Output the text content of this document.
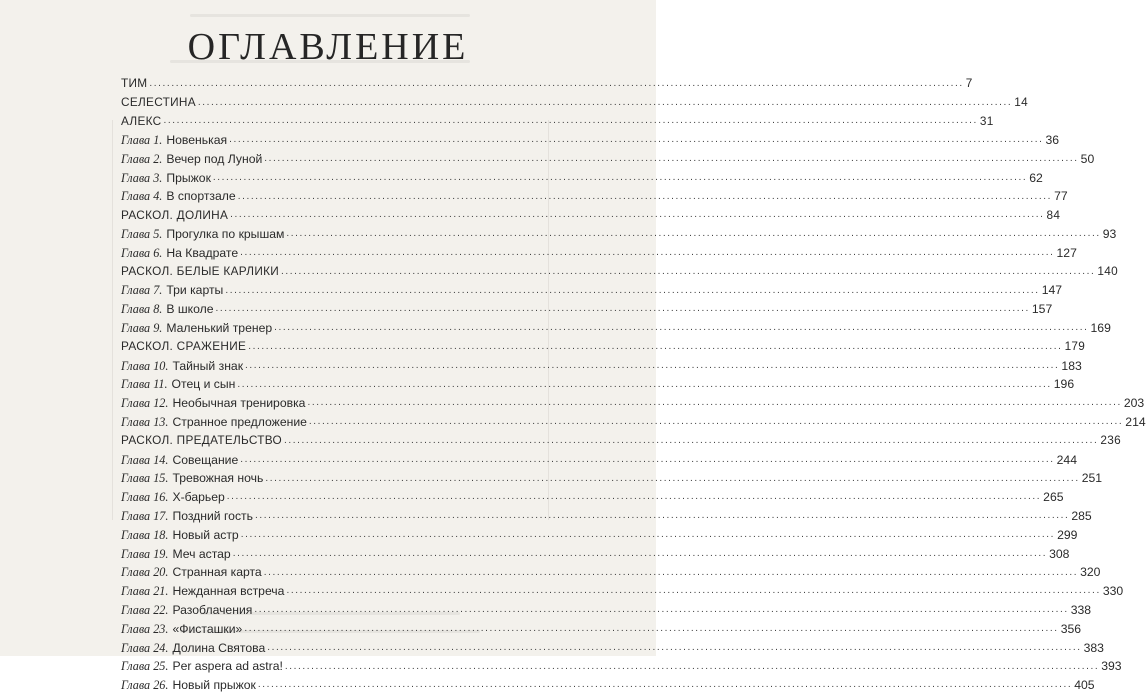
ОГЛАВЛЕНИЕ
ТИМ .....	7
СЕЛЕСТИНА .....	14
АЛЕКС .....	31
Глава 1. Новенькая .....	36
Глава 2. Вечер под Луной .....	50
Глава 3. Прыжок .....	62
Глава 4. В спортзале .....	77
РАСКОЛ. ДОЛИНА .....	84
Глава 5. Прогулка по крышам .....	93
Глава 6. На Квадрате .....	127
РАСКОЛ. БЕЛЫЕ КАРЛИКИ .....	140
Глава 7. Три карты .....	147
Глава 8. В школе .....	157
Глава 9. Маленький тренер .....	169
РАСКОЛ. СРАЖЕНИЕ .....	179
Глава 10. Тайный знак .....	183
Глава 11. Отец и сын .....	196
Глава 12. Необычная тренировка .....	203
Глава 13. Странное предложение .....	214
РАСКОЛ. ПРЕДАТЕЛЬСТВО .....	236
Глава 14. Совещание .....	244
Глава 15. Тревожная ночь .....	251
Глава 16. Х-барьер .....	265
Глава 17. Поздний гость .....	285
Глава 18. Новый астр .....	299
Глава 19. Меч астар .....	308
Глава 20. Странная карта .....	320
Глава 21. Нежданная встреча .....	330
Глава 22. Разоблачения .....	338
Глава 23. «Фисташки» .....	356
Глава 24. Долина Святова .....	383
Глава 25. Per aspera ad astra! .....	393
Глава 26. Новый прыжок .....	405
